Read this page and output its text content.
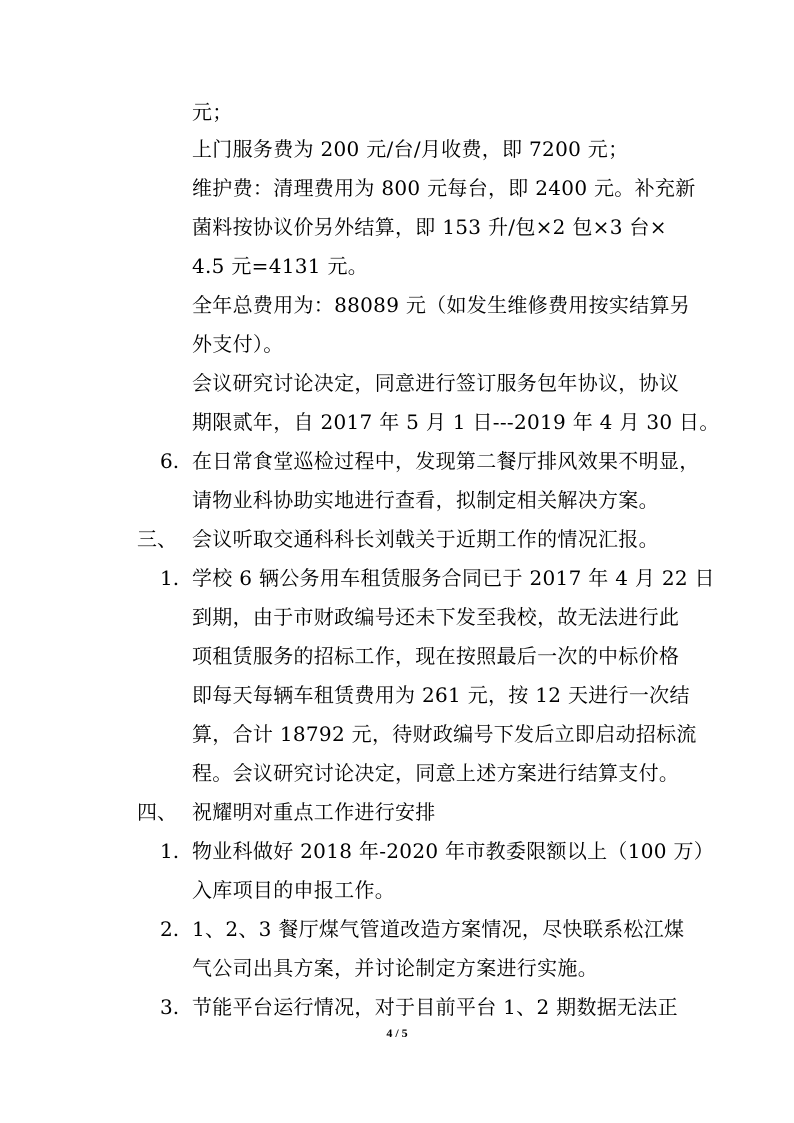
元；
上门服务费为 200 元/台/月收费，即 7200 元；
维护费：清理费用为 800 元每台，即 2400 元。补充新
菌料按协议价另外结算，即 153 升/包×2 包×3 台×
4.5 元=4131 元。
全年总费用为：88089 元（如发生维修费用按实结算另
外支付）。
会议研究讨论决定，同意进行签订服务包年协议，协议
期限贰年，自 2017 年 5 月 1 日---2019 年 4 月 30 日。
6. 在日常食堂巡检过程中，发现第二餐厅排风效果不明显，
请物业科协助实地进行查看，拟制定相关解决方案。
三、 会议听取交通科科长刘戟关于近期工作的情况汇报。
1. 学校 6 辆公务用车租赁服务合同已于 2017 年 4 月 22 日
到期，由于市财政编号还未下发至我校，故无法进行此
项租赁服务的招标工作，现在按照最后一次的中标价格
即每天每辆车租赁费用为 261 元，按 12 天进行一次结
算，合计 18792 元，待财政编号下发后立即启动招标流
程。会议研究讨论决定，同意上述方案进行结算支付。
四、 祝耀明对重点工作进行安排
1. 物业科做好 2018 年-2020 年市教委限额以上（100 万）
入库项目的申报工作。
2. 1、2、3 餐厅煤气管道改造方案情况，尽快联系松江煤
气公司出具方案，并讨论制定方案进行实施。
3. 节能平台运行情况，对于目前平台 1、2 期数据无法正
4 / 5
